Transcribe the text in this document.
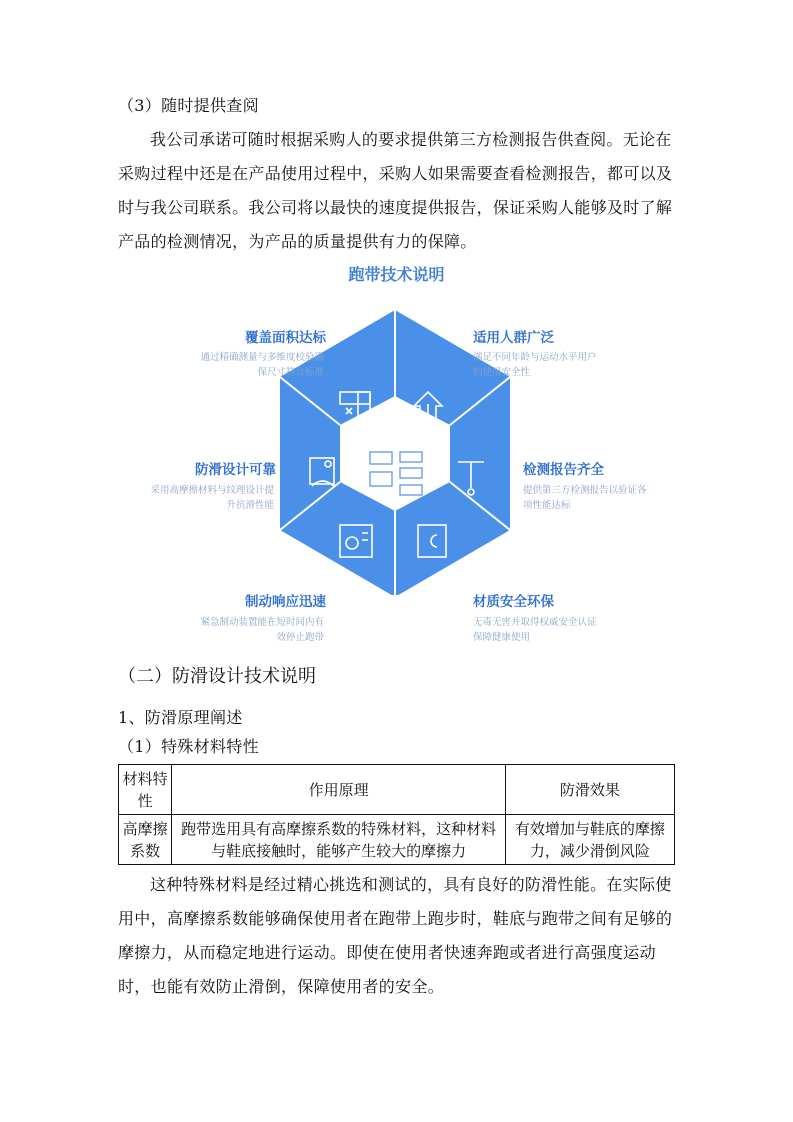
（3）随时提供查阅
我公司承诺可随时根据采购人的要求提供第三方检测报告供查阅。无论在
采购过程中还是在产品使用过程中，采购人如果需要查看检测报告，都可以及
时与我公司联系。我公司将以最快的速度提供报告，保证采购人能够及时了解
产品的检测情况，为产品的质量提供有力的保障。
跑带技术说明
覆盖面积达标
通过精确测量与多维度校验确
保尺寸符合标准
适用人群广泛
满足不同年龄与运动水平用户
的使用安全性
检测报告齐全
提供第三方检测报告以验证各
项性能达标
材质安全环保
无毒无害并取得权威安全认证
保障健康使用
制动响应迅速
紧急制动装置能在短时间内有
效停止跑带
防滑设计可靠
采用高摩擦材料与纹理设计提
升抗滑性能
（二）防滑设计技术说明
1、防滑原理阐述
（1）特殊材料特性
材料特性	作用原理	防滑效果
高摩擦系数	跑带选用具有高摩擦系数的特殊材料，这种材料与鞋底接触时，能够产生较大的摩擦力	有效增加与鞋底的摩擦力，减少滑倒风险
这种特殊材料是经过精心挑选和测试的，具有良好的防滑性能。在实际使
用中，高摩擦系数能够确保使用者在跑带上跑步时，鞋底与跑带之间有足够的
摩擦力，从而稳定地进行运动。即使在使用者快速奔跑或者进行高强度运动
时，也能有效防止滑倒，保障使用者的安全。
